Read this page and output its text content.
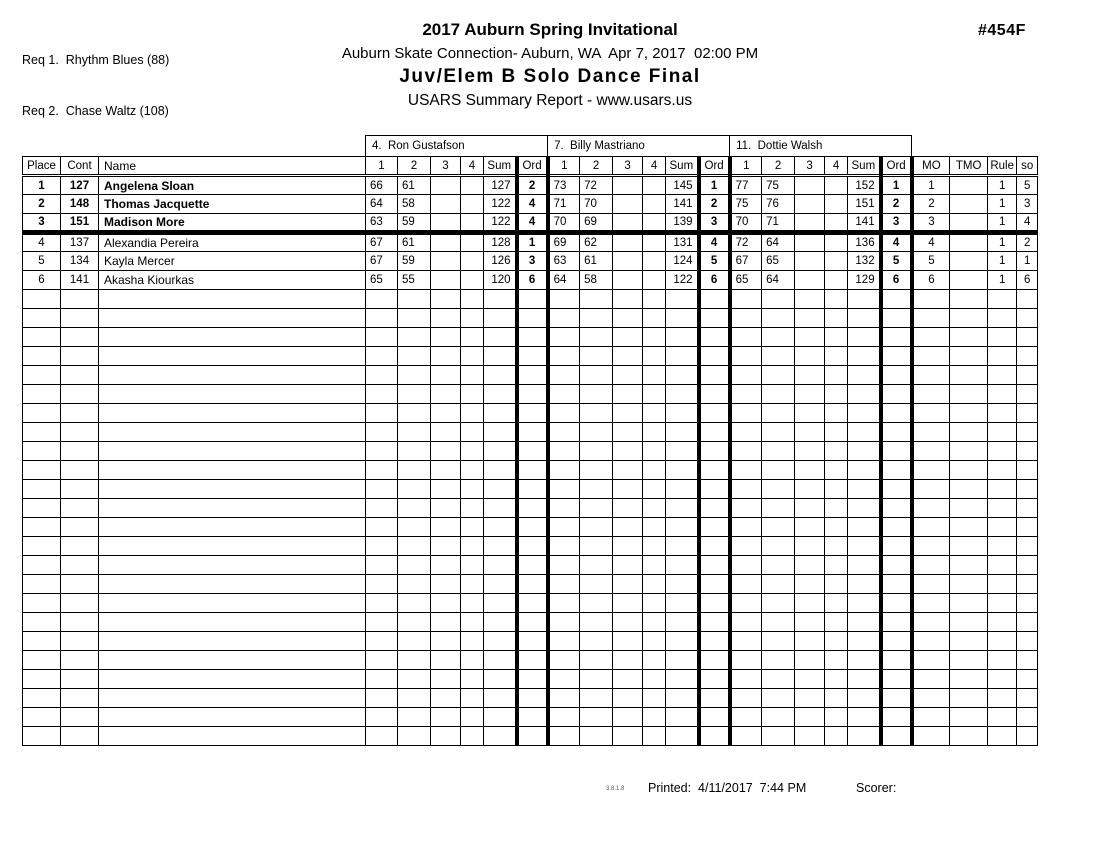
Req 1.  Rhythm Blues (88)

Req 2.  Chase Waltz (108)

2017 Auburn Spring Invitational
Auburn Skate Connection- Auburn, WA  Apr 7, 2017  02:00 PM
Juv/Elem B Solo Dance Final
USARS Summary Report - www.usars.us
#454F
			4.  Ron Gustafson						7.  Billy Mastriano						11.  Dottie Walsh									
Place	Cont	Name	1	2	3	4	Sum	Ord	1	2	3	4	Sum	Ord	1	2	3	4	Sum	Ord	MO	TMO	Rule	so
1	127	Angelena Sloan	66	61			127	2	73	72			145	1	77	75			152	1	1		1	5
2	148	Thomas Jacquette	64	58			122	4	71	70			141	2	75	76			151	2	2		1	3
3	151	Madison More	63	59			122	4	70	69			139	3	70	71			141	3	3		1	4
4	137	Alexandia Pereira	67	61			128	1	69	62			131	4	72	64			136	4	4		1	2
5	134	Kayla Mercer	67	59			126	3	63	61			124	5	67	65			132	5	5		1	1
6	141	Akasha Kiourkas	65	55			120	6	64	58			122	6	65	64			129	6	6		1	6

3.8.1.8 Printed: 4/11/2017  7:44 PM	Scorer:
